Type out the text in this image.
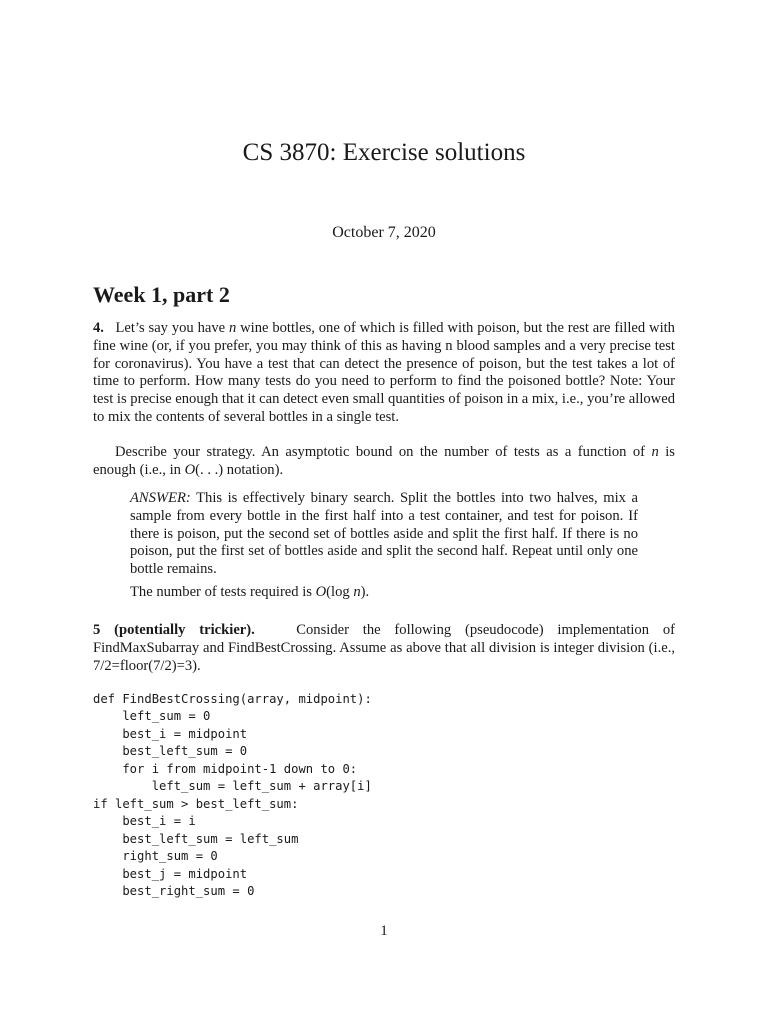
CS 3870: Exercise solutions
October 7, 2020
Week 1, part 2
4. Let’s say you have n wine bottles, one of which is filled with poison, but the rest are filled with fine wine (or, if you prefer, you may think of this as having n blood samples and a very precise test for coronavirus). You have a test that can detect the presence of poison, but the test takes a lot of time to perform. How many tests do you need to perform to find the poisoned bottle? Note: Your test is precise enough that it can detect even small quantities of poison in a mix, i.e., you’re allowed to mix the contents of several bottles in a single test.
Describe your strategy. An asymptotic bound on the number of tests as a function of n is enough (i.e., in O(. . .) notation).
ANSWER: This is effectively binary search. Split the bottles into two halves, mix a sample from every bottle in the first half into a test container, and test for poison. If there is poison, put the second set of bottles aside and split the first half. If there is no poison, put the first set of bottles aside and split the second half. Repeat until only one bottle remains.
The number of tests required is O(log n).
5 (potentially trickier).	Consider the following (pseudocode) implementation of FindMaxSubarray and FindBestCrossing. Assume as above that all division is integer division (i.e., 7/2=floor(7/2)=3).
def FindBestCrossing(array, midpoint):
left_sum = 0
best_i = midpoint
best_left_sum = 0
for i from midpoint-1 down to 0:
left_sum = left_sum + array[i]
if left_sum > best_left_sum:
best_i = i
best_left_sum = left_sum
right_sum = 0
best_j = midpoint
best_right_sum = 0
1
